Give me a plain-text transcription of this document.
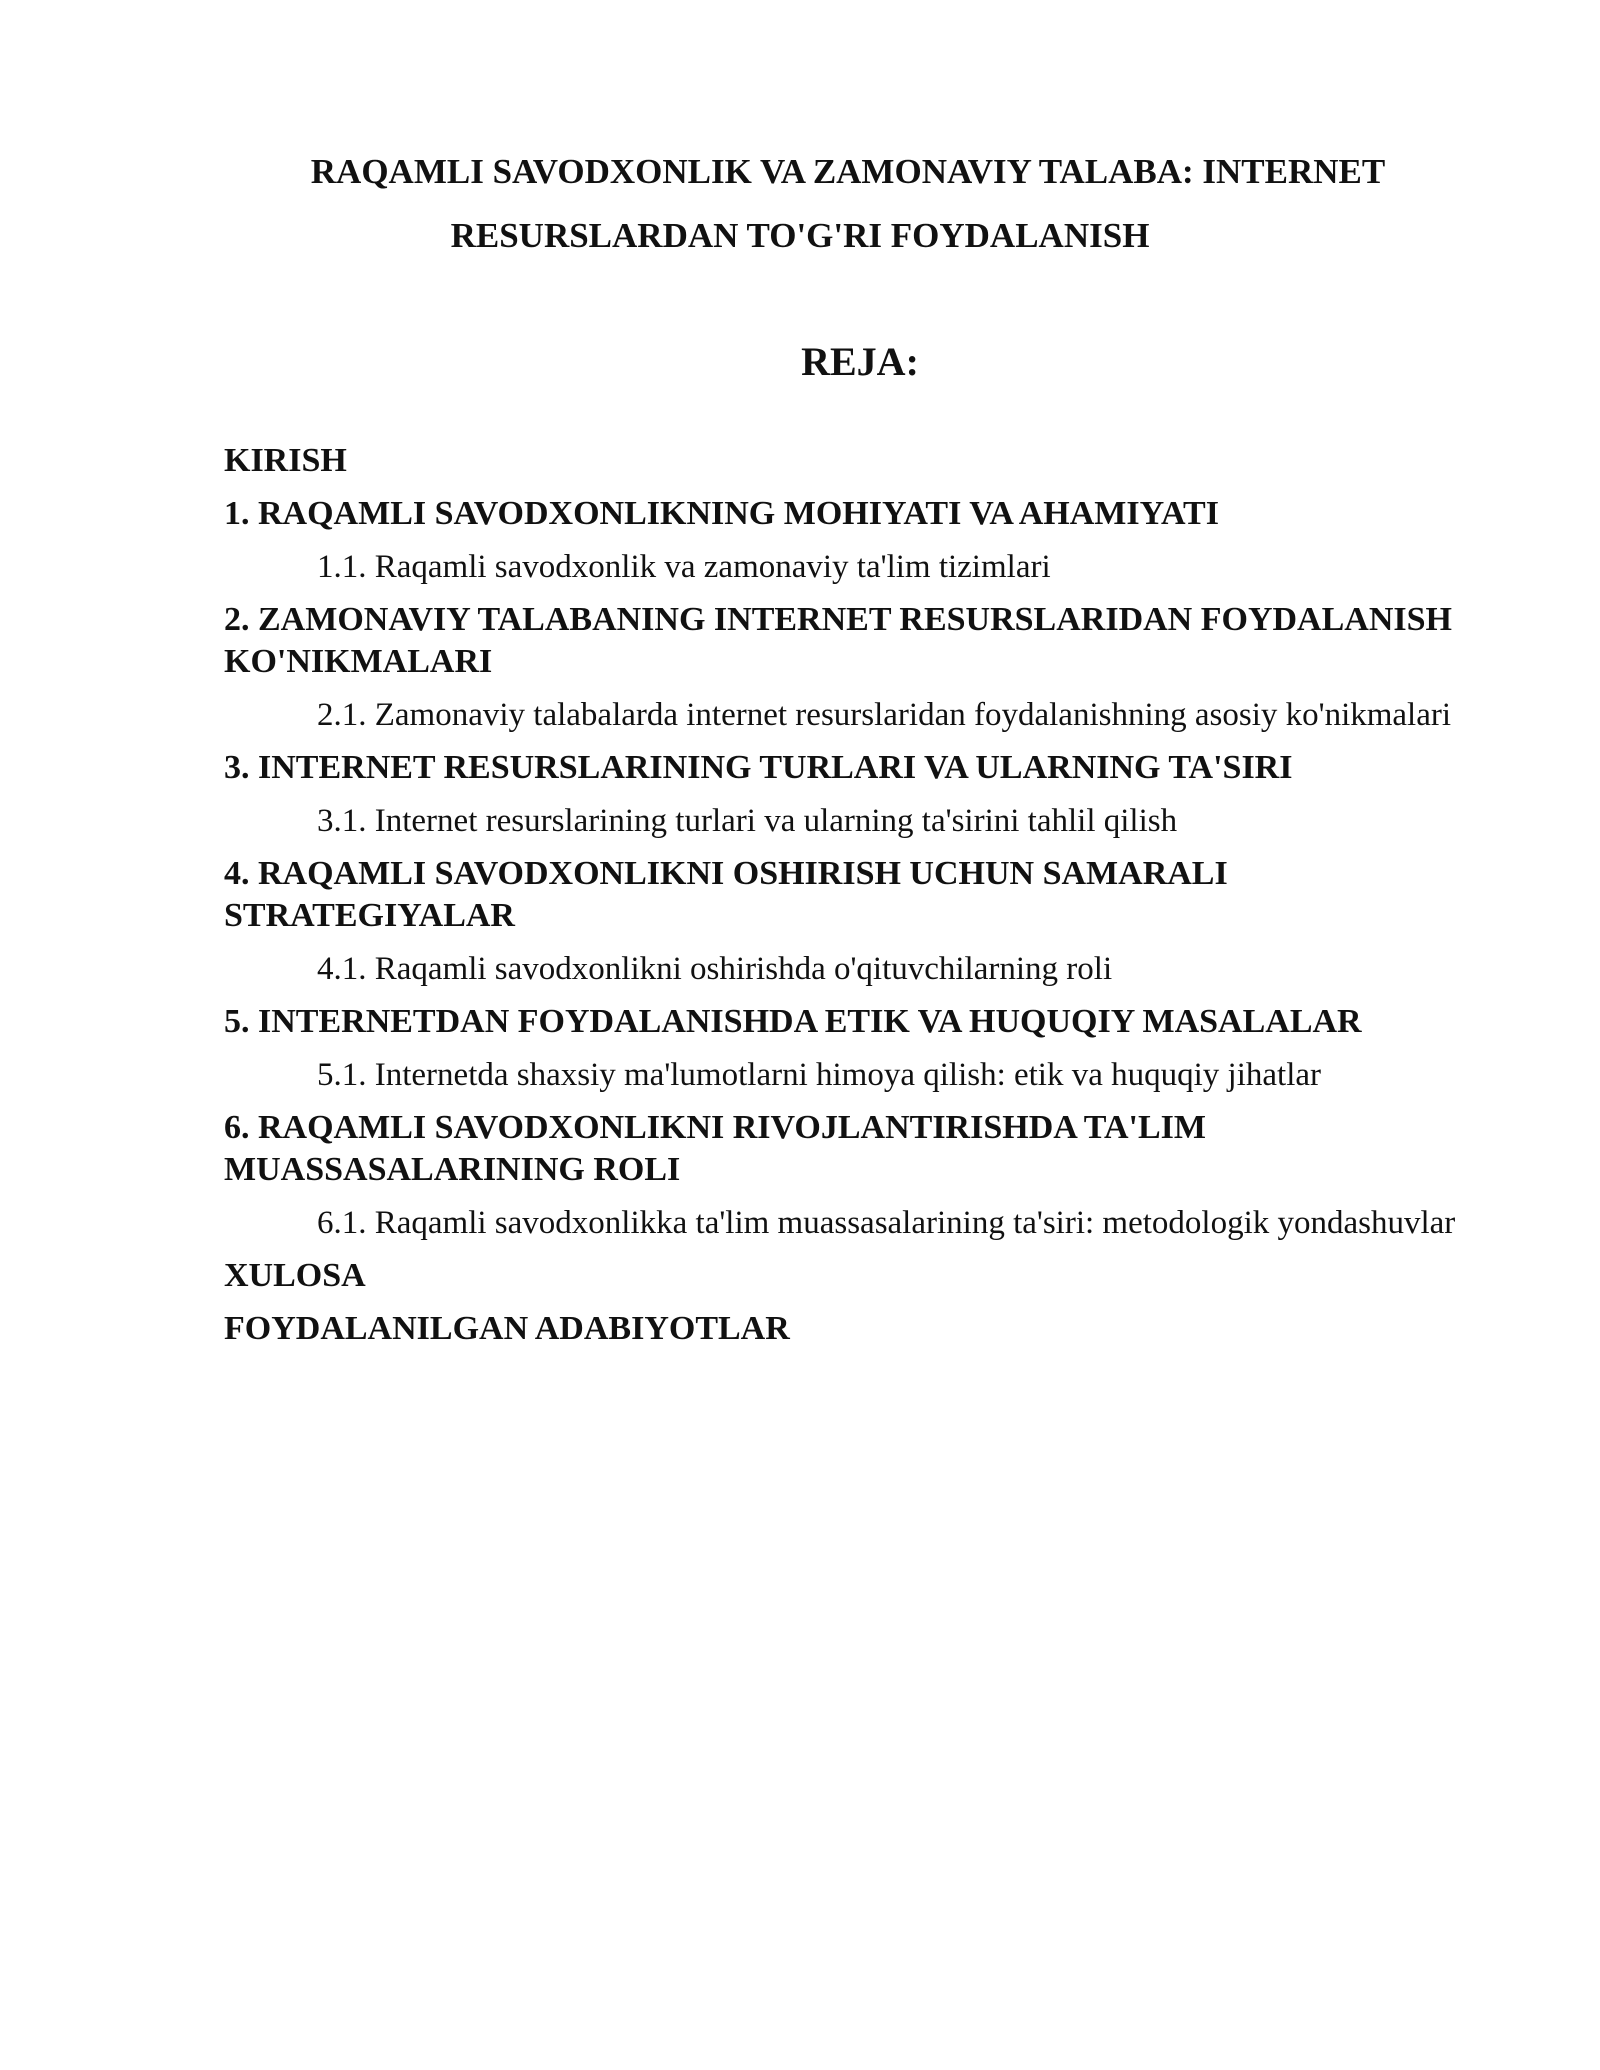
RAQAMLI SAVODXONLIK VA ZAMONAVIY TALABA: INTERNET
RESURSLARDAN TO'G'RI FOYDALANISH
REJA:
KIRISH
1. RAQAMLI SAVODXONLIKNING MOHIYATI VA AHAMIYATI
1.1. Raqamli savodxonlik va zamonaviy ta'lim tizimlari
2. ZAMONAVIY TALABANING INTERNET RESURSLARIDAN FOYDALANISH KO'NIKMALARI
2.1. Zamonaviy talabalarda internet resurslaridan foydalanishning asosiy ko'nikmalari
3. INTERNET RESURSLARINING TURLARI VA ULARNING TA'SIRI
3.1. Internet resurslarining turlari va ularning ta'sirini tahlil qilish
4. RAQAMLI SAVODXONLIKNI OSHIRISH UCHUN SAMARALI STRATEGIYALAR
4.1. Raqamli savodxonlikni oshirishda o'qituvchilarning roli
5. INTERNETDAN FOYDALANISHDA ETIK VA HUQUQIY MASALALAR
5.1. Internetda shaxsiy ma'lumotlarni himoya qilish: etik va huquqiy jihatlar
6. RAQAMLI SAVODXONLIKNI RIVOJLANTIRISHDA TA'LIM MUASSASALARINING ROLI
6.1. Raqamli savodxonlikka ta'lim muassasalarining ta'siri: metodologik yondashuvlar
XULOSA
FOYDALANILGAN ADABIYOTLAR
